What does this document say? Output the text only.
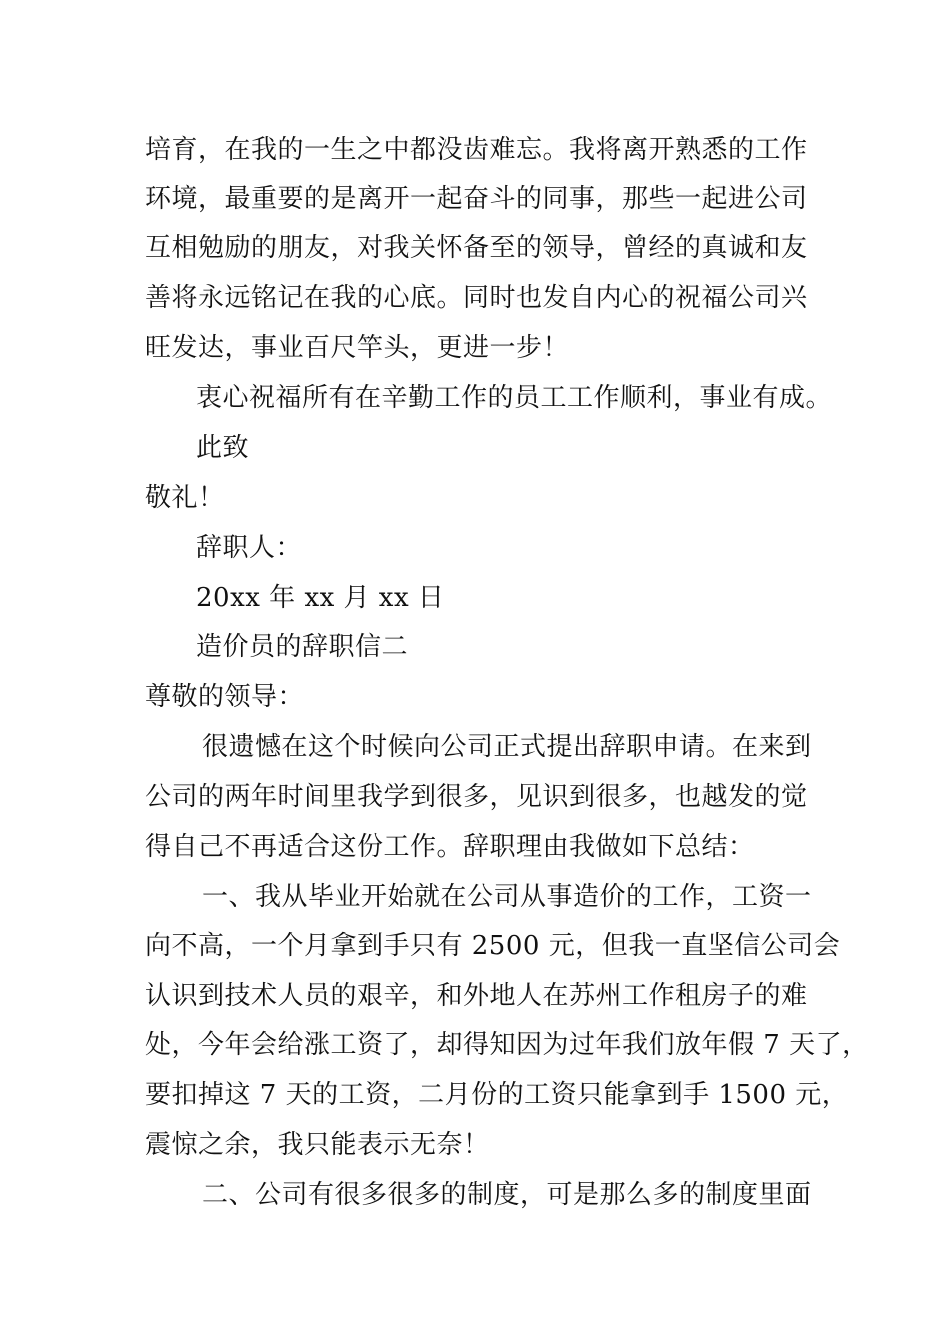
培育，在我的一生之中都没齿难忘。我将离开熟悉的工作
环境，最重要的是离开一起奋斗的同事，那些一起进公司
互相勉励的朋友，对我关怀备至的领导，曾经的真诚和友
善将永远铭记在我的心底。同时也发自内心的祝福公司兴
旺发达，事业百尺竿头，更进一步！
衷心祝福所有在辛勤工作的员工工作顺利，事业有成。
此致
敬礼！
辞职人：
20xx 年 xx 月 xx 日
造价员的辞职信二
尊敬的领导：
很遗憾在这个时候向公司正式提出辞职申请。在来到
公司的两年时间里我学到很多，见识到很多，也越发的觉
得自己不再适合这份工作。辞职理由我做如下总结：
一、我从毕业开始就在公司从事造价的工作，工资一
向不高，一个月拿到手只有 2500 元，但我一直坚信公司会
认识到技术人员的艰辛，和外地人在苏州工作租房子的难
处，今年会给涨工资了，却得知因为过年我们放年假 7 天了，
要扣掉这 7 天的工资，二月份的工资只能拿到手 1500 元，
震惊之余，我只能表示无奈！
二、公司有很多很多的制度，可是那么多的制度里面
